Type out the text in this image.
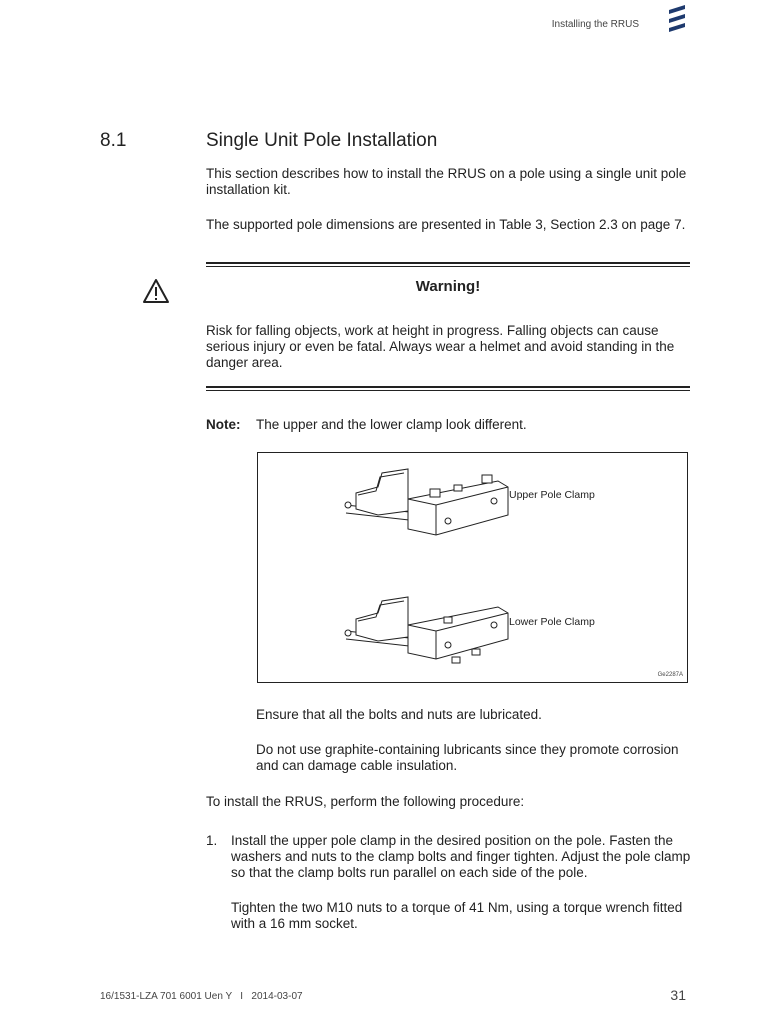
Installing the RRUS
8.1	Single Unit Pole Installation
This section describes how to install the RRUS on a pole using a single unit pole installation kit.
The supported pole dimensions are presented in Table 3, Section 2.3 on page 7.
Warning!
Risk for falling objects, work at height in progress. Falling objects can cause serious injury or even be fatal. Always wear a helmet and avoid standing in the danger area.
Note: The upper and the lower clamp look different.
Upper Pole Clamp
Lower Pole Clamp
Ge2287A
Ensure that all the bolts and nuts are lubricated.
Do not use graphite-containing lubricants since they promote corrosion and can damage cable insulation.
To install the RRUS, perform the following procedure:
1. Install the upper pole clamp in the desired position on the pole. Fasten the washers and nuts to the clamp bolts and finger tighten. Adjust the pole clamp so that the clamp bolts run parallel on each side of the pole.
Tighten the two M10 nuts to a torque of 41 Nm, using a torque wrench fitted with a 16 mm socket.
16/1531-LZA 701 6001 Uen Y   I   2014-03-07	31
